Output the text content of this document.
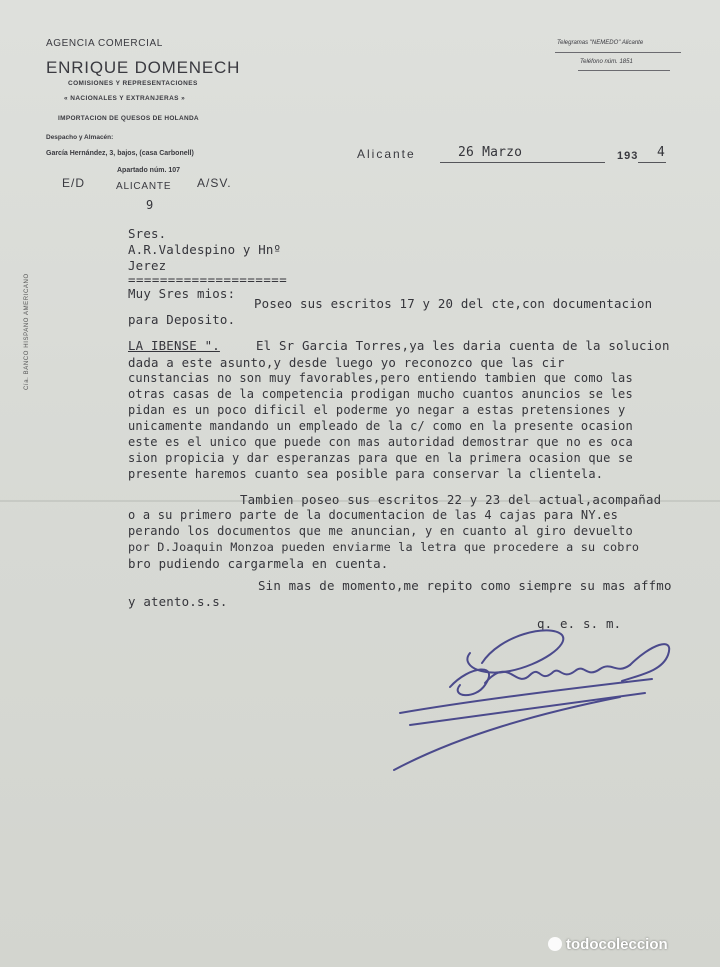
AGENCIA COMERCIAL
ENRIQUE DOMENECH
COMISIONES Y REPRESENTACIONES
« NACIONALES Y EXTRANJERAS »
IMPORTACION DE QUESOS DE HOLANDA
Despacho y Almacén:
García Hernández, 3, bajos, (casa Carbonell)
Apartado núm. 107
ALICANTE
Telegramas "NEMEDO" Alicante
Teléfono núm. 1851
Cía. BANCO HISPANO AMERICANO
Alicante	26 Marzo	193 4
E/D	A/SV.
9
Sres.
A.R.Valdespino y Hnº
Jerez
====================
Muy Sres mios:
Poseo sus escritos 17 y 20 del cte,con documentacion
para Deposito.
LA IBENSE ".	El Sr Garcia Torres,ya les daria cuenta de la solucion
dada a este asunto,y desde luego yo reconozco que las cir
cunstancias no son muy favorables,pero entiendo tambien que como las
otras casas de la competencia prodigan mucho cuantos anuncios se les
pidan es un poco dificil el poderme yo negar a estas pretensiones y
unicamente mandando un empleado de la c/ como en la presente ocasion
este es el unico que puede con mas autoridad demostrar que no es oca
sion propicia y dar esperanzas para que en la primera ocasion que se
presente haremos cuanto sea posible para conservar la clientela.
Tambien poseo sus escritos 22 y 23 del actual,acompañad
o a su primero parte de la documentacion de las 4 cajas para NY.es
perando los documentos que me anuncian, y en cuanto al giro devuelto
por D.Joaquin Monzoa pueden enviarme la letra que procedere a su cobro
bro pudiendo cargarmela en cuenta.
Sin mas de momento,me repito como siempre su mas affmo
y atento.s.s.
q. e. s. m.
todocoleccion
